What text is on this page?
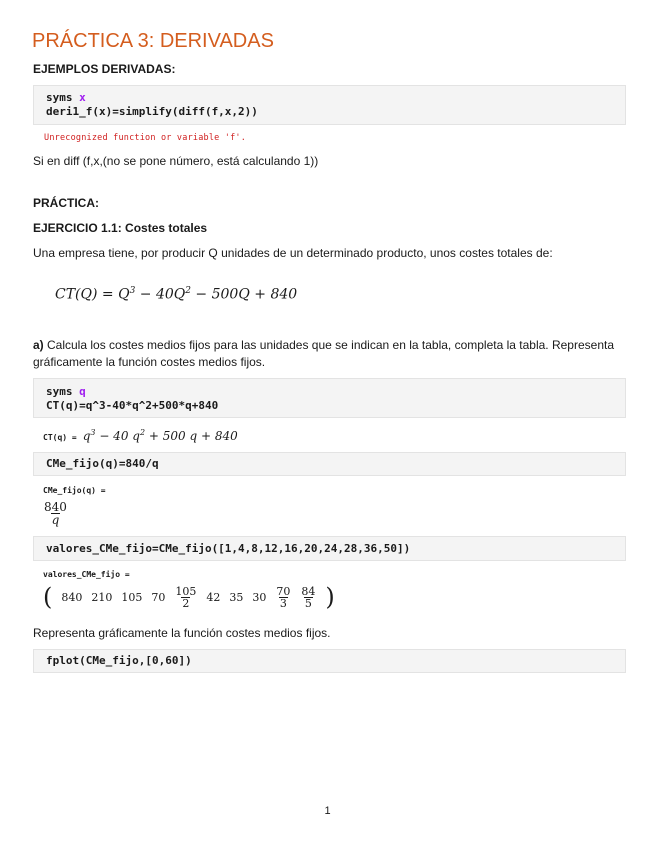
PRÁCTICA 3: DERIVADAS
EJEMPLOS DERIVADAS:
syms x
deri1_f(x)=simplify(diff(f,x,2))
Unrecognized function or variable 'f'.
Si en diff (f,x,(no se pone número, está calculando 1))
PRÁCTICA:
EJERCICIO 1.1: Costes totales
Una empresa tiene, por producir Q unidades de un determinado producto, unos costes totales de:
$CT(Q) = Q^3 - 40Q^2 - 500Q + 840$
a) Calcula los costes medios fijos para las unidades que se indican en la tabla, completa la tabla. Representa gráficamente la función costes medios fijos.
syms q
CT(q)=q^3-40*q^2+500*q+840
$CT(q) = q^3 - 40$ $q^2 + 500$ q + 840
CMe_fijo(q)=840/q
CMe_fijo(q) =
$\frac{840}{q}$
valores_CMe_fijo=CMe_fijo([1,4,8,12,16,20,24,28,36,50])
valores_CMe_fijo =
( 840 210 105 $70 \frac{105}{2} 42$ 35 $30 \frac{70}{3} \frac{84}{5}$ )
Representa gráficamente la función costes medios fijos.
fplot(CMe_fijo,[0,60])
1
